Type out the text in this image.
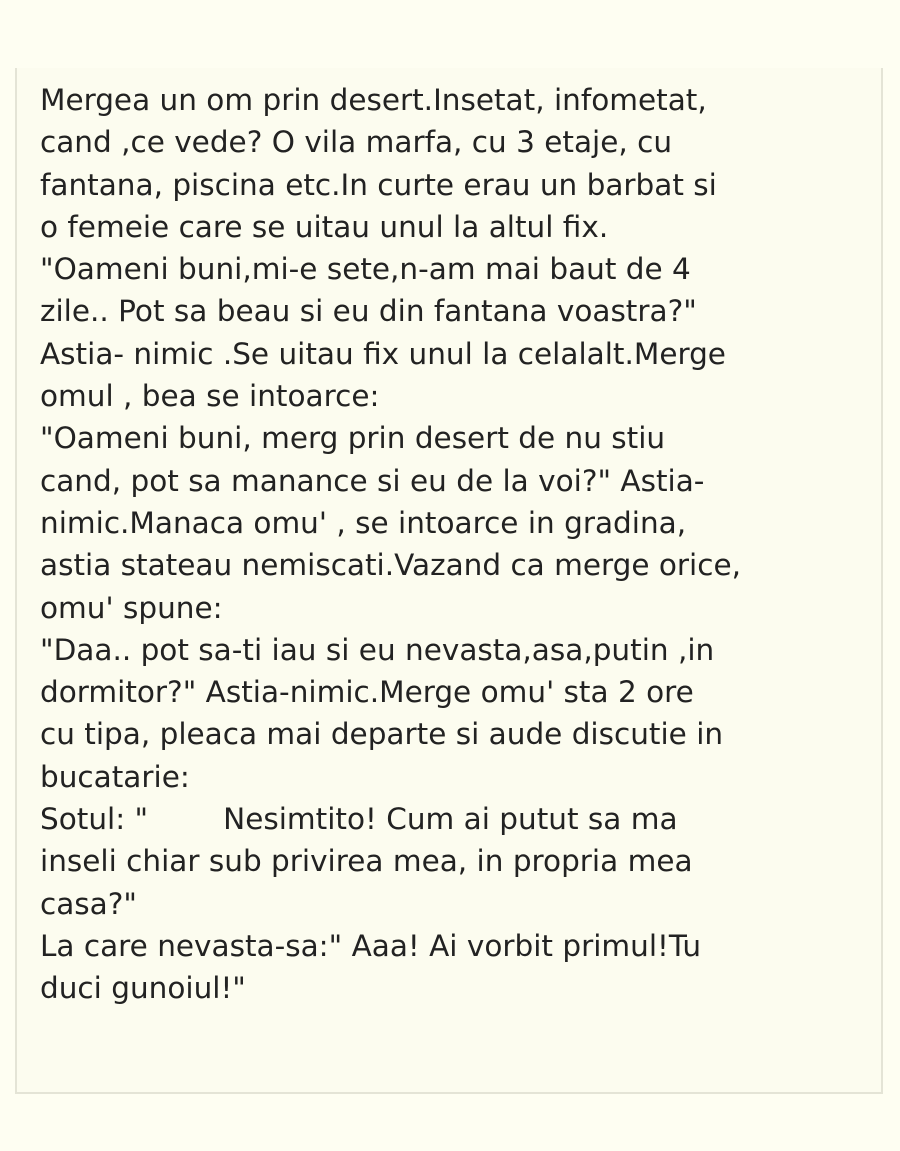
Mergea un om prin desert.Insetat, infometat,
cand ,ce vede? O vila marfa, cu 3 etaje, cu
fantana, piscina etc.In curte erau un barbat si
o femeie care se uitau unul la altul fix.
"Oameni buni,mi-e sete,n-am mai baut de 4
zile.. Pot sa beau si eu din fantana voastra?"
Astia- nimic .Se uitau fix unul la celalalt.Merge
omul , bea se intoarce:
"Oameni buni, merg prin desert de nu stiu
cand, pot sa manance si eu de la voi?" Astia-
nimic.Manaca omu' , se intoarce in gradina,
astia stateau nemiscati.Vazand ca merge orice,
omu' spune:
"Daa.. pot sa-ti iau si eu nevasta,asa,putin ,in
dormitor?" Astia-nimic.Merge omu' sta 2 ore
cu tipa, pleaca mai departe si aude discutie in
bucatarie:
Sotul: "        Nesimtito! Cum ai putut sa ma
inseli chiar sub privirea mea, in propria mea
casa?"
La care nevasta-sa:" Aaa! Ai vorbit primul!Tu
duci gunoiul!"
